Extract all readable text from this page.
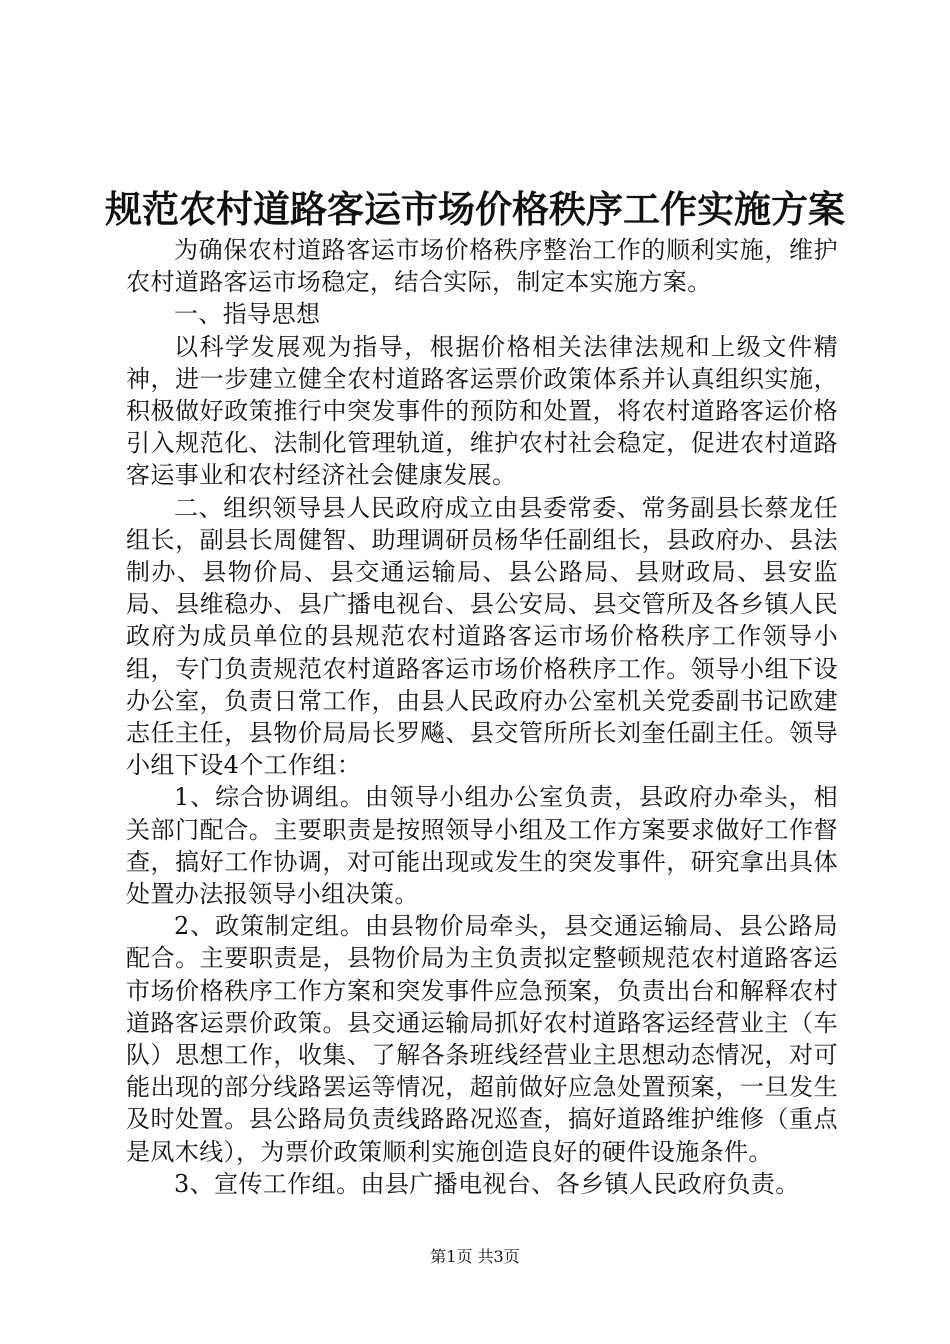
规范农村道路客运市场价格秩序工作实施方案

为确保农村道路客运市场价格秩序整治工作的顺利实施，维护农村道路客运市场稳定，结合实际，制定本实施方案。

一、指导思想

以科学发展观为指导，根据价格相关法律法规和上级文件精神，进一步建立健全农村道路客运票价政策体系并认真组织实施，积极做好政策推行中突发事件的预防和处置，将农村道路客运价格引入规范化、法制化管理轨道，维护农村社会稳定，促进农村道路客运事业和农村经济社会健康发展。

二、组织领导县人民政府成立由县委常委、常务副县长蔡龙任组长，副县长周健智、助理调研员杨华任副组长，县政府办、县法制办、县物价局、县交通运输局、县公路局、县财政局、县安监局、县维稳办、县广播电视台、县公安局、县交管所及各乡镇人民政府为成员单位的县规范农村道路客运市场价格秩序工作领导小组，专门负责规范农村道路客运市场价格秩序工作。领导小组下设办公室，负责日常工作，由县人民政府办公室机关党委副书记欧建志任主任，县物价局局长罗飚、县交管所所长刘奎任副主任。领导小组下设4个工作组：

1、综合协调组。由领导小组办公室负责，县政府办牵头，相关部门配合。主要职责是按照领导小组及工作方案要求做好工作督查，搞好工作协调，对可能出现或发生的突发事件，研究拿出具体处置办法报领导小组决策。

2、政策制定组。由县物价局牵头，县交通运输局、县公路局配合。主要职责是，县物价局为主负责拟定整顿规范农村道路客运市场价格秩序工作方案和突发事件应急预案，负责出台和解释农村道路客运票价政策。县交通运输局抓好农村道路客运经营业主（车队）思想工作，收集、了解各条班线经营业主思想动态情况，对可能出现的部分线路罢运等情况，超前做好应急处置预案，一旦发生及时处置。县公路局负责线路路况巡查，搞好道路维护维修（重点是凤木线），为票价政策顺利实施创造良好的硬件设施条件。

3、宣传工作组。由县广播电视台、各乡镇人民政府负责。

第1页 共3页
